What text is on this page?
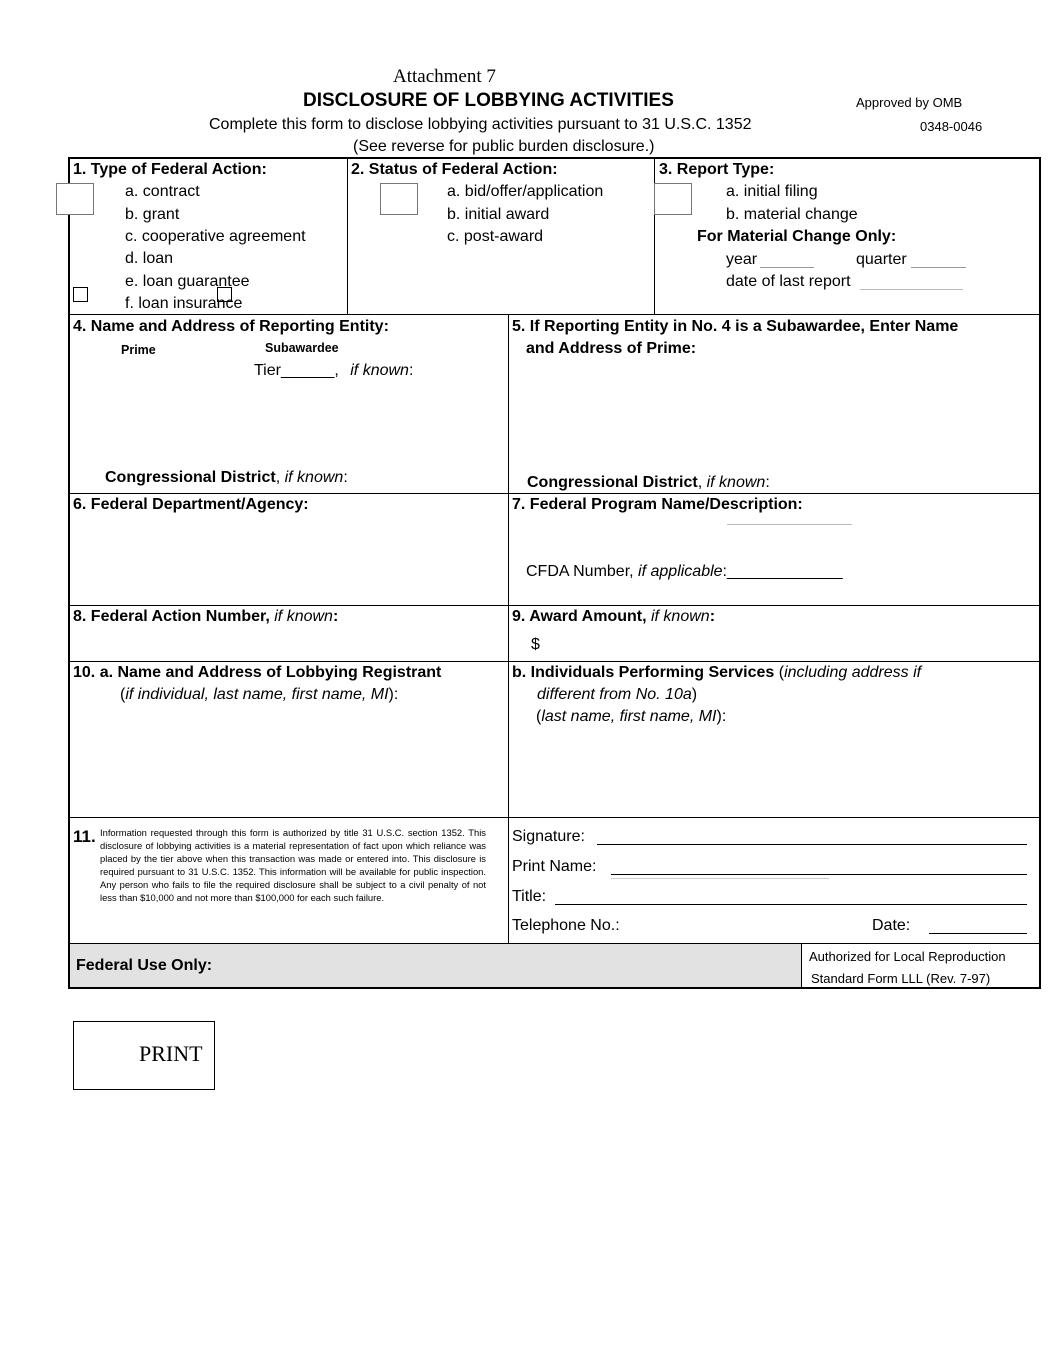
Attachment 7
DISCLOSURE OF LOBBYING ACTIVITIES
Complete this form to disclose lobbying activities pursuant to 31 U.S.C. 1352
(See reverse for public burden disclosure.)
Approved by OMB
0348-0046
1. Type of Federal Action:
a. contract
b. grant
c. cooperative agreement
d. loan
e. loan guarantee
f. loan insurance
2. Status of Federal Action:
a. bid/offer/application
b. initial award
c. post-award
3. Report Type:
a. initial filing
b. material change
For Material Change Only:
year	quarter
date of last report
4. Name and Address of Reporting Entity:
Prime	Subawardee
Tier______, if known:
Congressional District, if known:
5. If Reporting Entity in No. 4 is a Subawardee, Enter Name
and Address of Prime:
Congressional District, if known:
6. Federal Department/Agency:	7. Federal Program Name/Description:
CFDA Number, if applicable:_____________
8. Federal Action Number, if known:	9. Award Amount, if known:
$
10. a. Name and Address of Lobbying Registrant
(if individual, last name, first name, MI):
b. Individuals Performing Services (including address if
different from No. 10a)
(last name, first name, MI):
11. Information requested through this form is authorized by title 31 U.S.C. section 1352. This disclosure of lobbying activities is a material representation of fact upon which reliance was placed by the tier above when this transaction was made or entered into. This disclosure is required pursuant to 31 U.S.C. 1352. This information will be available for public inspection. Any person who fails to file the required disclosure shall be subject to a civil penalty of not less than $10,000 and not more than $100,000 for each such failure.
Signature:
Print Name:
Title:
Telephone No.:	Date:
Federal Use Only:
Authorized for Local Reproduction
Standard Form LLL (Rev. 7-97)
PRINT
